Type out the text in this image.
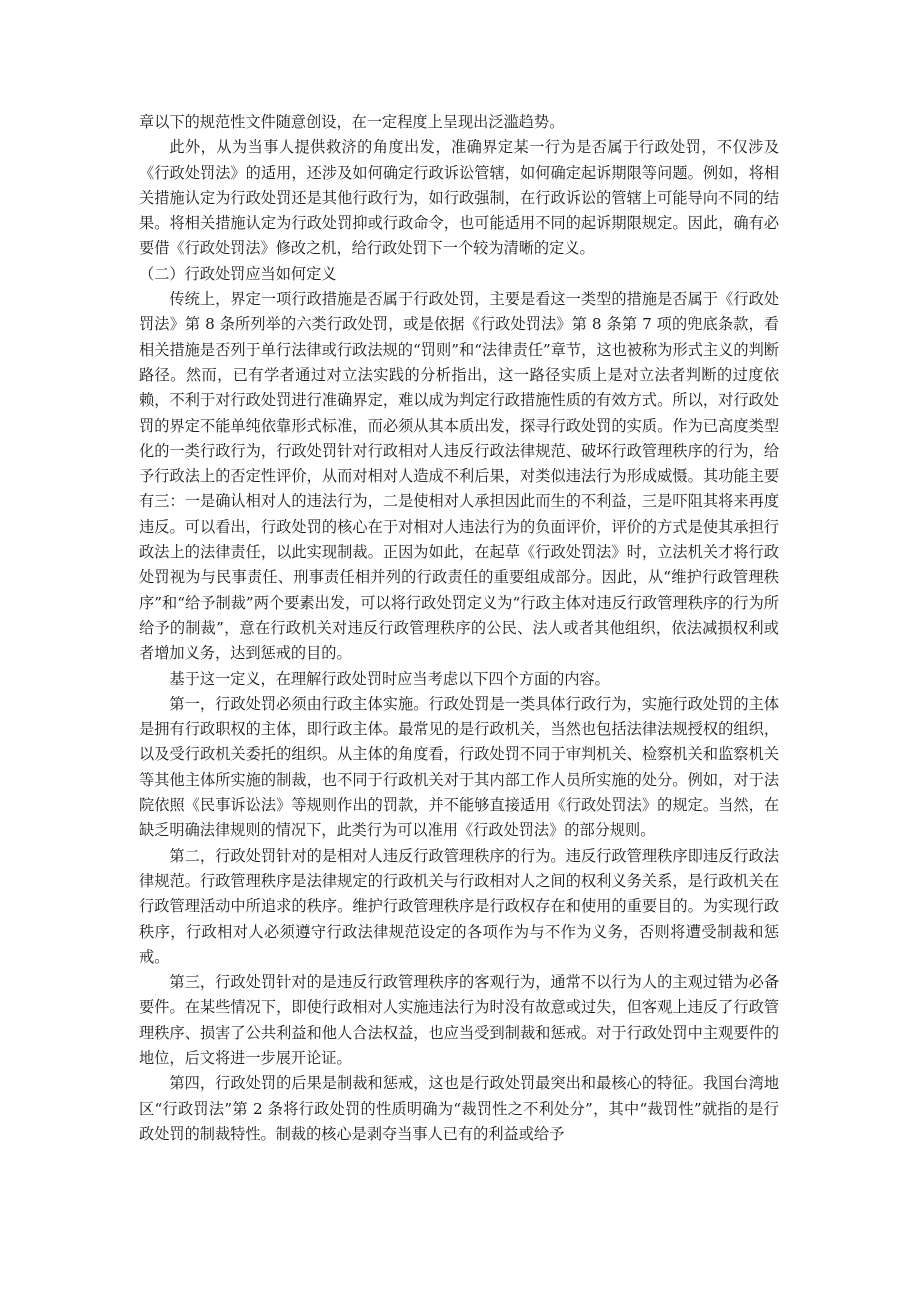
章以下的规范性文件随意创设，在一定程度上呈现出泛滥趋势。

此外，从为当事人提供救济的角度出发，准确界定某一行为是否属于行政处罚，不仅涉及《行政处罚法》的适用，还涉及如何确定行政诉讼管辖，如何确定起诉期限等问题。例如，将相关措施认定为行政处罚还是其他行政行为，如行政强制，在行政诉讼的管辖上可能导向不同的结果。将相关措施认定为行政处罚抑或行政命令，也可能适用不同的起诉期限规定。因此，确有必要借《行政处罚法》修改之机，给行政处罚下一个较为清晰的定义。

（二）行政处罚应当如何定义

传统上，界定一项行政措施是否属于行政处罚，主要是看这一类型的措施是否属于《行政处罚法》第 8 条所列举的六类行政处罚，或是依据《行政处罚法》第 8 条第 7 项的兜底条款，看相关措施是否列于单行法律或行政法规的“罚则”和“法律责任”章节，这也被称为形式主义的判断路径。然而，已有学者通过对立法实践的分析指出，这一路径实质上是对立法者判断的过度依赖，不利于对行政处罚进行准确界定，难以成为判定行政措施性质的有效方式。所以，对行政处罚的界定不能单纯依靠形式标准，而必须从其本质出发，探寻行政处罚的实质。作为已高度类型化的一类行政行为，行政处罚针对行政相对人违反行政法律规范、破坏行政管理秩序的行为，给予行政法上的否定性评价，从而对相对人造成不利后果，对类似违法行为形成威慑。其功能主要有三：一是确认相对人的违法行为，二是使相对人承担因此而生的不利益，三是吓阻其将来再度违反。可以看出，行政处罚的核心在于对相对人违法行为的负面评价，评价的方式是使其承担行政法上的法律责任，以此实现制裁。正因为如此，在起草《行政处罚法》时，立法机关才将行政处罚视为与民事责任、刑事责任相并列的行政责任的重要组成部分。因此，从“维护行政管理秩序”和“给予制裁”两个要素出发，可以将行政处罚定义为“行政主体对违反行政管理秩序的行为所给予的制裁”，意在行政机关对违反行政管理秩序的公民、法人或者其他组织，依法减损权利或者增加义务，达到惩戒的目的。

基于这一定义，在理解行政处罚时应当考虑以下四个方面的内容。

第一，行政处罚必须由行政主体实施。行政处罚是一类具体行政行为，实施行政处罚的主体是拥有行政职权的主体，即行政主体。最常见的是行政机关，当然也包括法律法规授权的组织，以及受行政机关委托的组织。从主体的角度看，行政处罚不同于审判机关、检察机关和监察机关等其他主体所实施的制裁，也不同于行政机关对于其内部工作人员所实施的处分。例如，对于法院依照《民事诉讼法》等规则作出的罚款，并不能够直接适用《行政处罚法》的规定。当然，在缺乏明确法律规则的情况下，此类行为可以准用《行政处罚法》的部分规则。

第二，行政处罚针对的是相对人违反行政管理秩序的行为。违反行政管理秩序即违反行政法律规范。行政管理秩序是法律规定的行政机关与行政相对人之间的权利义务关系，是行政机关在行政管理活动中所追求的秩序。维护行政管理秩序是行政权存在和使用的重要目的。为实现行政秩序，行政相对人必须遵守行政法律规范设定的各项作为与不作为义务，否则将遭受制裁和惩戒。

第三，行政处罚针对的是违反行政管理秩序的客观行为，通常不以行为人的主观过错为必备要件。在某些情况下，即使行政相对人实施违法行为时没有故意或过失，但客观上违反了行政管理秩序、损害了公共利益和他人合法权益，也应当受到制裁和惩戒。对于行政处罚中主观要件的地位，后文将进一步展开论证。

第四，行政处罚的后果是制裁和惩戒，这也是行政处罚最突出和最核心的特征。我国台湾地区“行政罚法”第 2 条将行政处罚的性质明确为“裁罚性之不利处分”，其中“裁罚性”就指的是行政处罚的制裁特性。制裁的核心是剥夺当事人已有的利益或给予
